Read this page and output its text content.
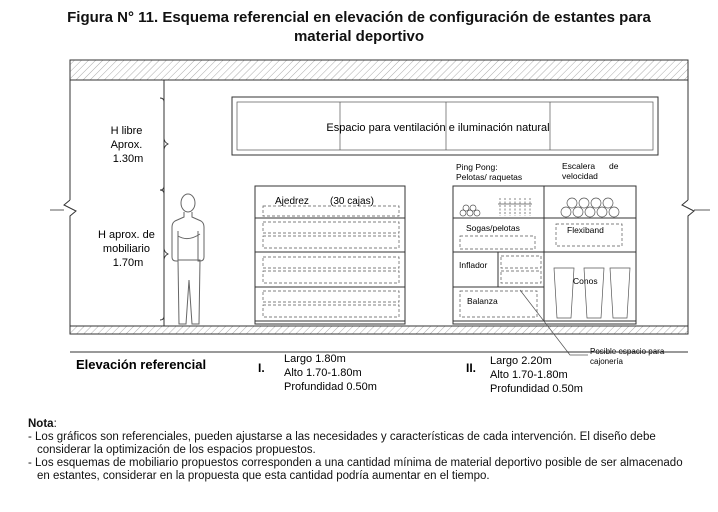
Figura N° 11. Esquema referencial en elevación de configuración de estantes para
material deportivo
H libre Aprox. 1.30m
H aprox. de mobiliario 1.70m
Espacio para ventilación e iluminación natural
Ajedrez (30 cajas)
Ping Pong: Pelotas/ raquetas
Escalera de velocidad
Sogas/pelotas	Flexiband
Inflador
Conos
Balanza
Posible espacio para cajonería
Elevación referencial	I.
Largo 1.80m Alto 1.70-1.80m Profundidad 0.50m
II. Largo 2.20m Alto 1.70-1.80m Profundidad 0.50m
Nota:
- Los gráficos son referenciales, pueden ajustarse a las necesidades y características de cada intervención. El diseño debe considerar la optimización de los espacios propuestos.
- Los esquemas de mobiliario propuestos corresponden a una cantidad mínima de material deportivo posible de ser almacenado en estantes, considerar en la propuesta que esta cantidad podría aumentar en el tiempo.
